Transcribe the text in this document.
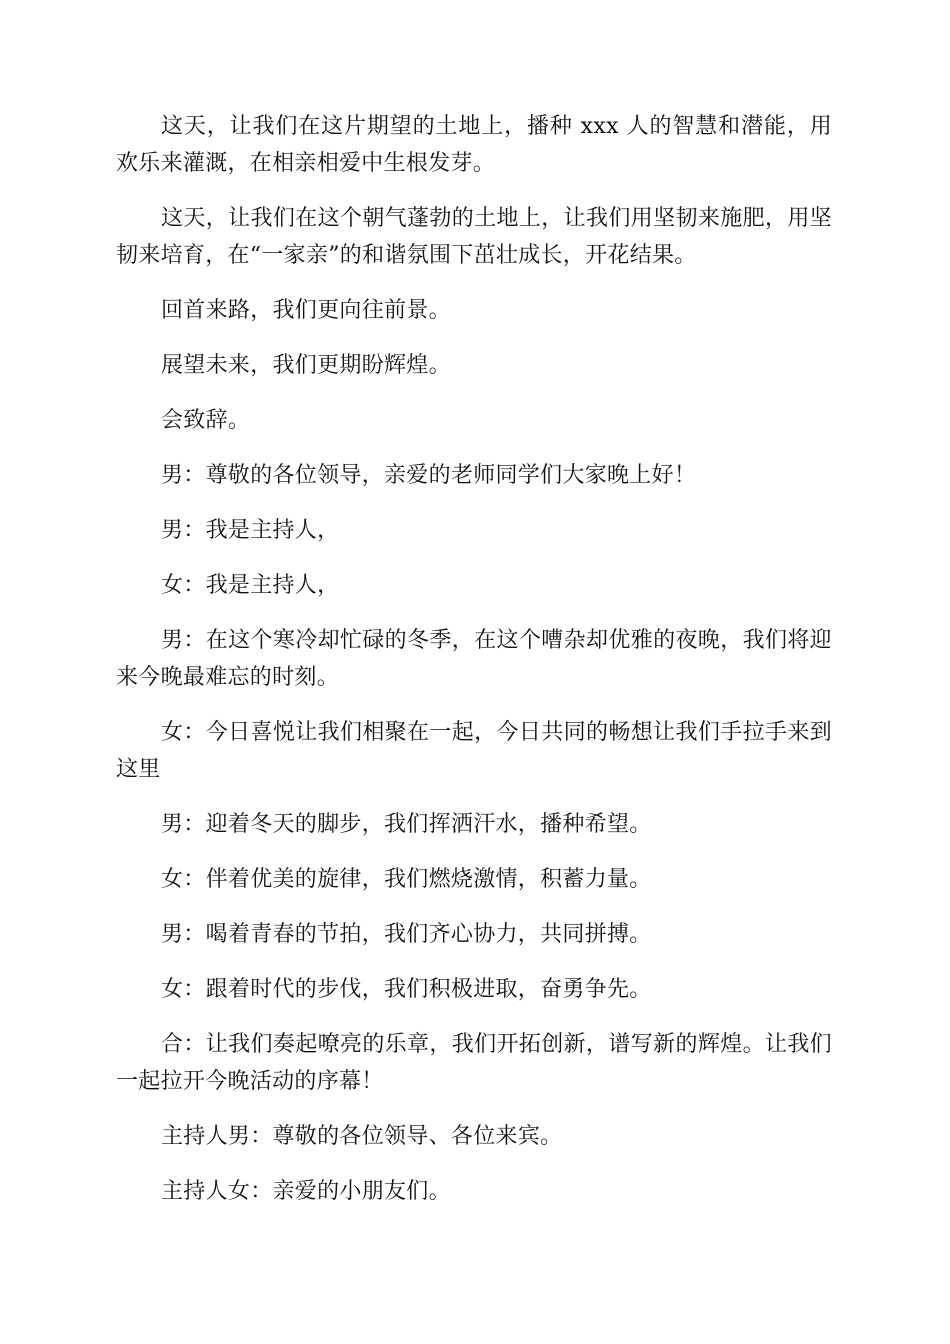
这天，让我们在这片期望的土地上，播种 xxx 人的智慧和潜能，用欢乐来灌溉，在相亲相爱中生根发芽。

这天，让我们在这个朝气蓬勃的土地上，让我们用坚韧来施肥，用坚韧来培育，在“一家亲”的和谐氛围下茁壮成长，开花结果。

回首来路，我们更向往前景。

展望未来，我们更期盼辉煌。

会致辞。

男：尊敬的各位领导，亲爱的老师同学们大家晚上好！

男：我是主持人，

女：我是主持人，

男：在这个寒冷却忙碌的冬季，在这个嘈杂却优雅的夜晚，我们将迎来今晚最难忘的时刻。

女：今日喜悦让我们相聚在一起，今日共同的畅想让我们手拉手来到这里

男：迎着冬天的脚步，我们挥洒汗水，播种希望。

女：伴着优美的旋律，我们燃烧激情，积蓄力量。

男：喝着青春的节拍，我们齐心协力，共同拼搏。

女：跟着时代的步伐，我们积极进取，奋勇争先。

合：让我们奏起嘹亮的乐章，我们开拓创新，谱写新的辉煌。让我们一起拉开今晚活动的序幕！

主持人男：尊敬的各位领导、各位来宾。

主持人女：亲爱的小朋友们。
